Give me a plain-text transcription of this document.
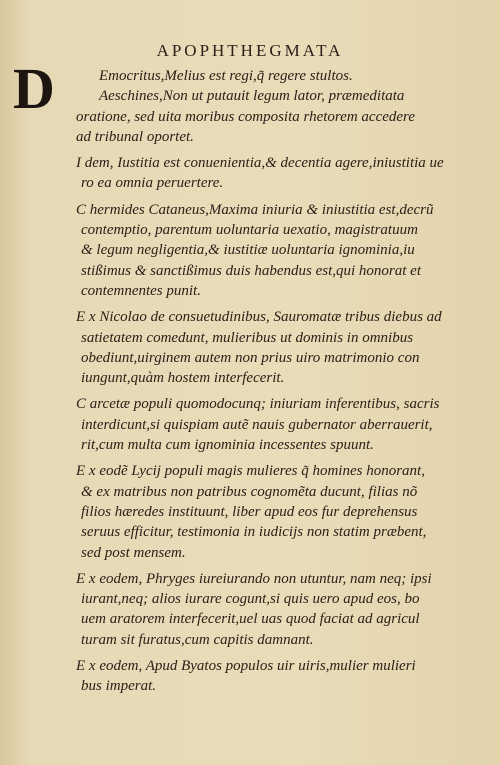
APOPHTHEGMATA
D	Emocritus,Melius est regi,q̃ regere stultos.
Aeschines,Non ut putauit legum lator, præmeditata
oratione, sed uita moribus composita rhetorem accedere
ad tribunal oportet.

I dem, Iustitia est conuenientia,& decentia agere,iniustitia ue
ro ea omnia peruertere.

C hermides Cataneus,Maxima iniuria & iniustitia est,decrũ
contemptio, parentum uoluntaria uexatio, magistratuum
& legum negligentia,& iustitiæ uoluntaria ignominia,iu
stißimus & sanctißimus duis habendus est,qui honorat et
contemnentes punit.

E x Nicolao de consuetudinibus, Sauromatæ tribus diebus ad
satietatem comedunt, mulieribus ut dominis in omnibus
obediunt,uirginem autem non prius uiro matrimonio con
iungunt,quàm hostem interfecerit.

C arcetæ populi quomodocunq; iniuriam inferentibus, sacris
interdicunt,si quispiam autẽ nauis gubernator aberrauerit,
rit,cum multa cum ignominia incessentes spuunt.

E x eodẽ Lycij populi magis mulieres q̃ homines honorant,
& ex matribus non patribus cognomẽta ducunt, filias nõ
filios hæredes instituunt, liber apud eos fur deprehensus
seruus efficitur, testimonia in iudicijs non statim præbent,
sed post mensem.

E x eodem, Phryges iureiurando non utuntur, nam neq; ipsi
iurant,neq; alios iurare cogunt,si quis uero apud eos, bo
uem aratorem interfecerit,uel uas quod faciat ad agricul
turam sit furatus,cum capitis damnant.

E x eodem, Apud Byatos populos uir uiris,mulier mulieri
bus imperat.
